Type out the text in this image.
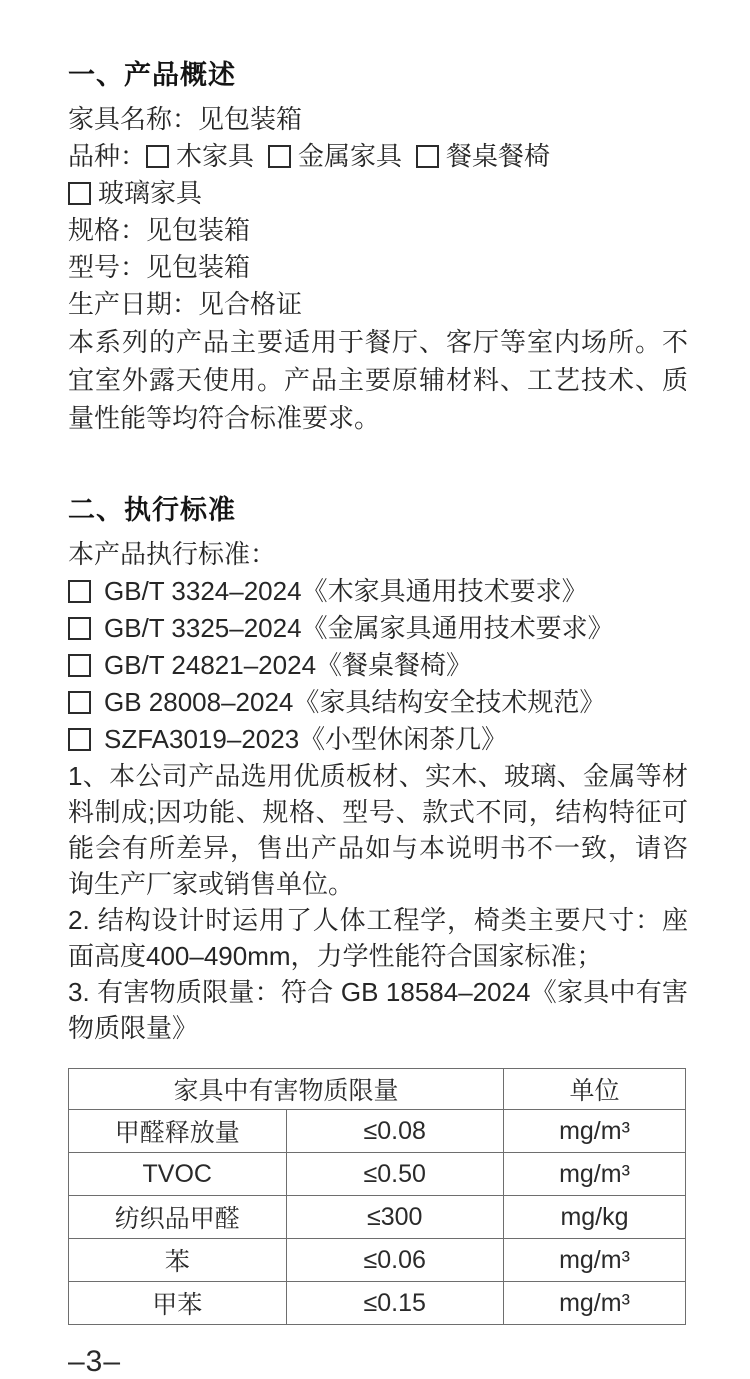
一、产品概述
家具名称：见包装箱
品种： 木家具 金属家具 餐桌餐椅玻璃家具
规格：见包装箱
型号：见包装箱
生产日期：见合格证

本系列的产品主要适用于餐厅、客厅等室内场所。不宜室外露天使用。产品主要原辅材料、工艺技术、质量性能等均符合标准要求。

二、执行标准
本产品执行标准：
GB/T 3324–2024《木家具通用技术要求》
GB/T 3325–2024《金属家具通用技术要求》
GB/T 24821–2024《餐桌餐椅》
GB 28008–2024《家具结构安全技术规范》
SZFA3019–2023《小型休闲茶几》

1、本公司产品选用优质板材、实木、玻璃、金属等材料制成;因功能、规格、型号、款式不同，结构特征可能会有所差异，售出产品如与本说明书不一致，请咨询生产厂家或销售单位。

2. 结构设计时运用了人体工程学，椅类主要尺寸：座面高度400–490mm，力学性能符合国家标准；

3. 有害物质限量：符合 GB 18584–2024《家具中有害物质限量》

家具中有害物质限量		单位
甲醛释放量	≤0.08	mg/m³
TVOC	≤0.50	mg/m³
纺织品甲醛	≤300	mg/kg
苯	≤0.06	mg/m³
甲苯	≤0.15	mg/m³
–3–
